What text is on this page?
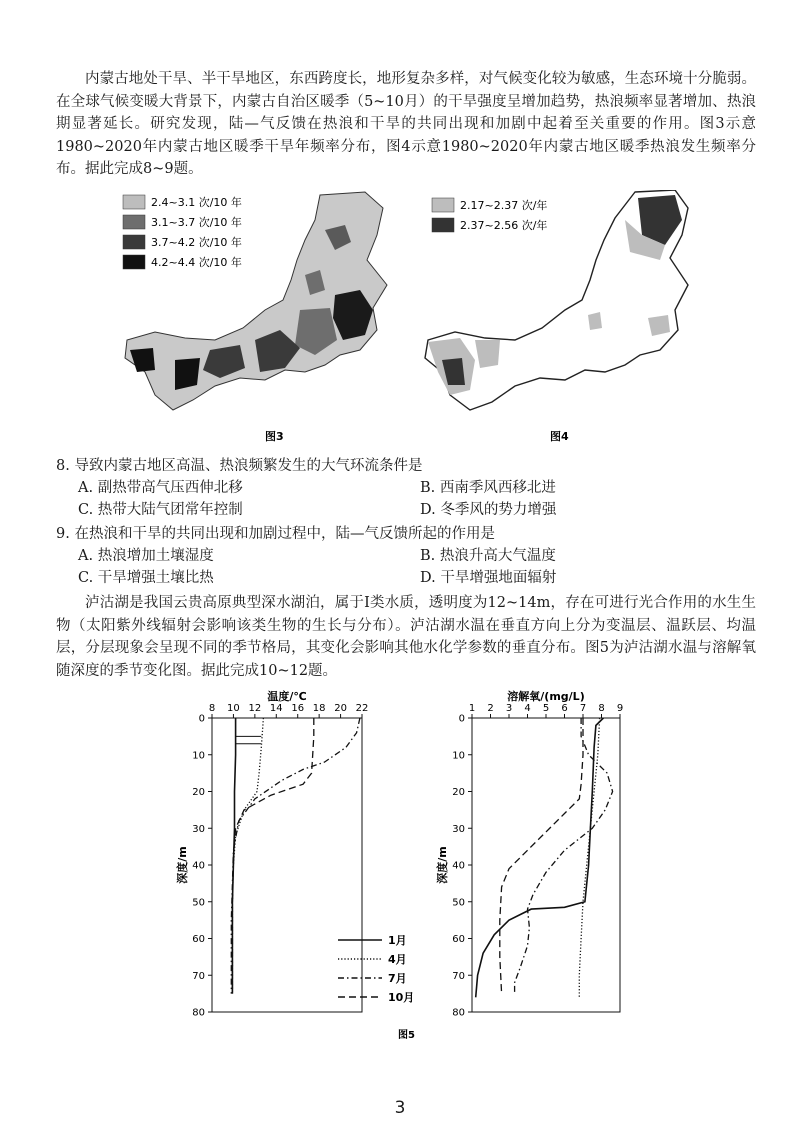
内蒙古地处干旱、半干旱地区，东西跨度长，地形复杂多样，对气候变化较为敏感，生态环境十分脆弱。在全球气候变暖大背景下，内蒙古自治区暖季（5~10月）的干旱强度呈增加趋势，热浪频率显著增加、热浪期显著延长。研究发现，陆—气反馈在热浪和干旱的共同出现和加剧中起着至关重要的作用。图3示意1980~2020年内蒙古地区暖季干旱年频率分布，图4示意1980~2020年内蒙古地区暖季热浪发生频率分布。据此完成8~9题。

2.4~3.1 次/10 年
3.1~3.7 次/10 年
3.7~4.2 次/10 年
4.2~4.4 次/10 年
图3
2.17~2.37 次/年
2.37~2.56 次/年
图4

8. 导致内蒙古地区高温、热浪频繁发生的大气环流条件是

A. 副热带高气压西伸北移	B. 西南季风西移北进

C. 热带大陆气团常年控制	D. 冬季风的势力增强

9. 在热浪和干旱的共同出现和加剧过程中，陆—气反馈所起的作用是

A. 热浪增加土壤湿度	B. 热浪升高大气温度

C. 干旱增强土壤比热	D. 干旱增强地面辐射

泸沽湖是我国云贵高原典型深水湖泊，属于Ⅰ类水质，透明度为12~14m，存在可进行光合作用的水生生物（太阳紫外线辐射会影响该类生物的生长与分布）。泸沽湖水温在垂直方向上分为变温层、温跃层、均温层，分层现象会呈现不同的季节格局，其变化会影响其他水化学参数的垂直分布。图5为泸沽湖水温与溶解氧随深度的季节变化图。据此完成10~12题。

8 10 12 14 16 18 20 22
0
10
20
30
40
50
60
70
80
温度/℃
深度/m
1 2 3 4 5 6 7 8 9
0
10
20
30
40
50
60
70
80
溶解氧/(mg/L)
深度/m
1月
4月
7月
10月
图5
3
